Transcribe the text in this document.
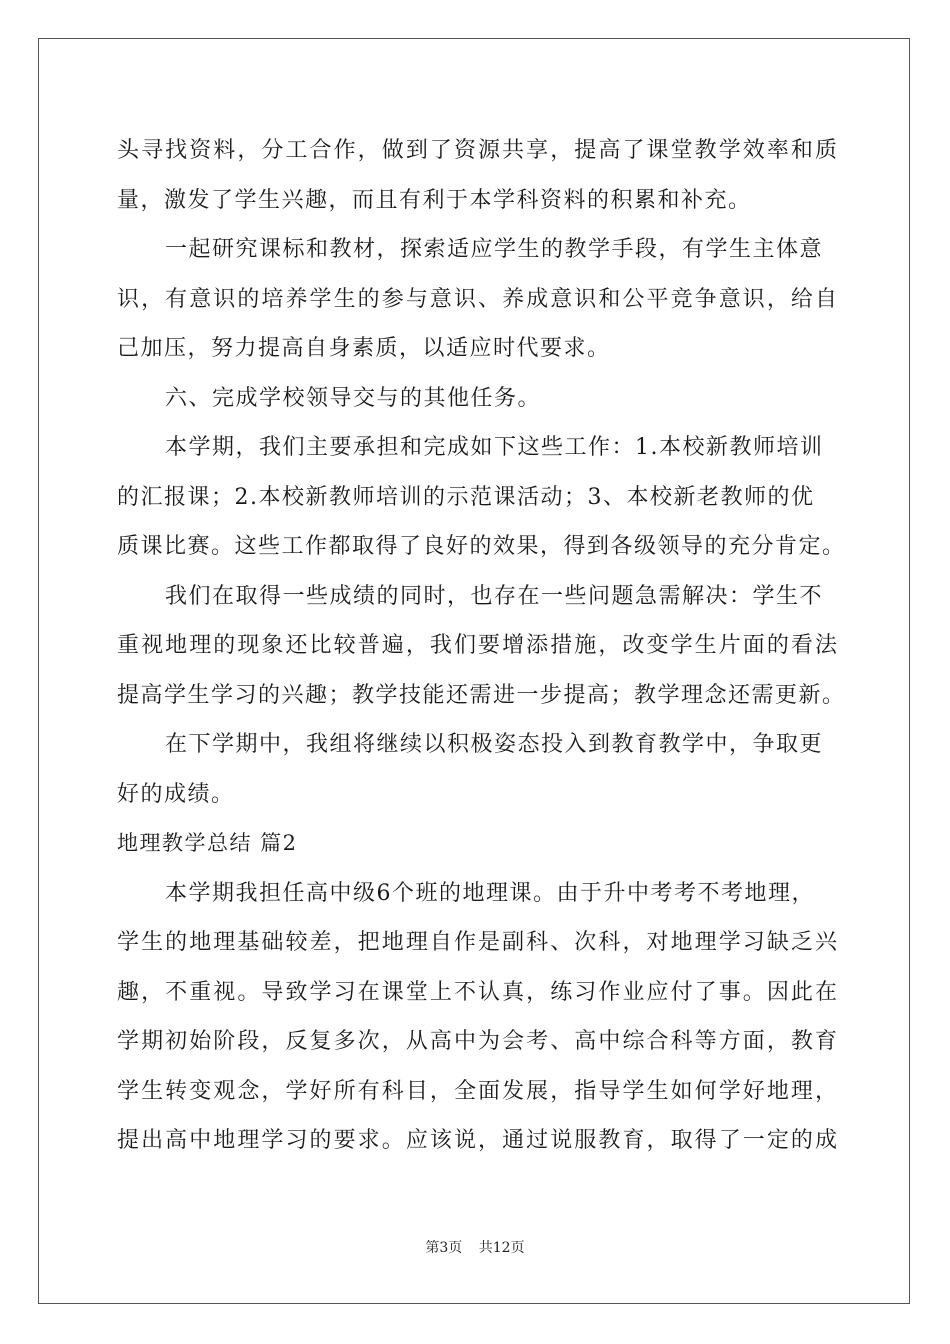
头寻找资料，分工合作，做到了资源共享，提高了课堂教学效率和质
量，激发了学生兴趣，而且有利于本学科资料的积累和补充。
一起研究课标和教材，探索适应学生的教学手段，有学生主体意
识，有意识的培养学生的参与意识、养成意识和公平竞争意识，给自
己加压，努力提高自身素质，以适应时代要求。
六、完成学校领导交与的其他任务。
本学期，我们主要承担和完成如下这些工作：1.本校新教师培训
的汇报课；2.本校新教师培训的示范课活动；3、本校新老教师的优
质课比赛。这些工作都取得了良好的效果，得到各级领导的充分肯定。
我们在取得一些成绩的同时，也存在一些问题急需解决：学生不
重视地理的现象还比较普遍，我们要增添措施，改变学生片面的看法
提高学生学习的兴趣；教学技能还需进一步提高；教学理念还需更新。
在下学期中，我组将继续以积极姿态投入到教育教学中，争取更
好的成绩。
地理教学总结 篇2
本学期我担任高中级6个班的地理课。由于升中考考不考地理，
学生的地理基础较差，把地理自作是副科、次科，对地理学习缺乏兴
趣，不重视。导致学习在课堂上不认真，练习作业应付了事。因此在
学期初始阶段，反复多次，从高中为会考、高中综合科等方面，教育
学生转变观念，学好所有科目，全面发展，指导学生如何学好地理，
提出高中地理学习的要求。应该说，通过说服教育，取得了一定的成
第3页 共12页
